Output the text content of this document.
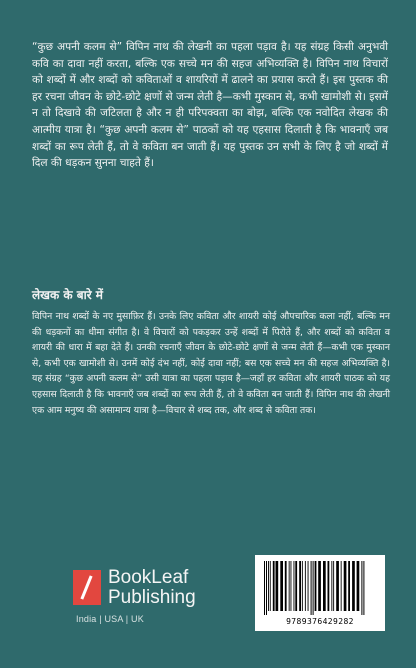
“कुछ अपनी कलम से” विपिन नाथ की लेखनी का पहला पड़ाव है। यह संग्रह किसी अनुभवी कवि का दावा नहीं करता, बल्कि एक सच्चे मन की सहज अभिव्यक्ति है। विपिन नाथ विचारों को शब्दों में और शब्दों को कविताओं व शायरियों में ढालने का प्रयास करते हैं। इस पुस्तक की हर रचना जीवन के छोटे-छोटे क्षणों से जन्म लेती है—कभी मुस्कान से, कभी खामोशी से। इसमें न तो दिखावे की जटिलता है और न ही परिपक्वता का बोझ, बल्कि एक नवोदित लेखक की आत्मीय यात्रा है। “कुछ अपनी कलम से” पाठकों को यह एहसास दिलाती है कि भावनाएँ जब शब्दों का रूप लेती हैं, तो वे कविता बन जाती हैं। यह पुस्तक उन सभी के लिए है जो शब्दों में दिल की धड़कन सुनना चाहते हैं।
लेखक के बारे में
विपिन नाथ शब्दों के नए मुसाफ़िर हैं। उनके लिए कविता और शायरी कोई औपचारिक कला नहीं, बल्कि मन की धड़कनों का धीमा संगीत है। वे विचारों को पकड़कर उन्हें शब्दों में पिरोते हैं, और शब्दों को कविता व शायरी की धारा में बहा देते हैं। उनकी रचनाएँ जीवन के छोटे-छोटे क्षणों से जन्म लेती हैं—कभी एक मुस्कान से, कभी एक खामोशी से। उनमें कोई दंभ नहीं, कोई दावा नहीं; बस एक सच्चे मन की सहज अभिव्यक्ति है। यह संग्रह “कुछ अपनी कलम से” उसी यात्रा का पहला पड़ाव है—जहाँ हर कविता और शायरी पाठक को यह एहसास दिलाती है कि भावनाएँ जब शब्दों का रूप लेती हैं, तो वे कविता बन जाती हैं। विपिन नाथ की लेखनी एक आम मनुष्य की असामान्य यात्रा है—विचार से शब्द तक, और शब्द से कविता तक।
BookLeaf
Publishing
India | USA | UK	9789376429282
